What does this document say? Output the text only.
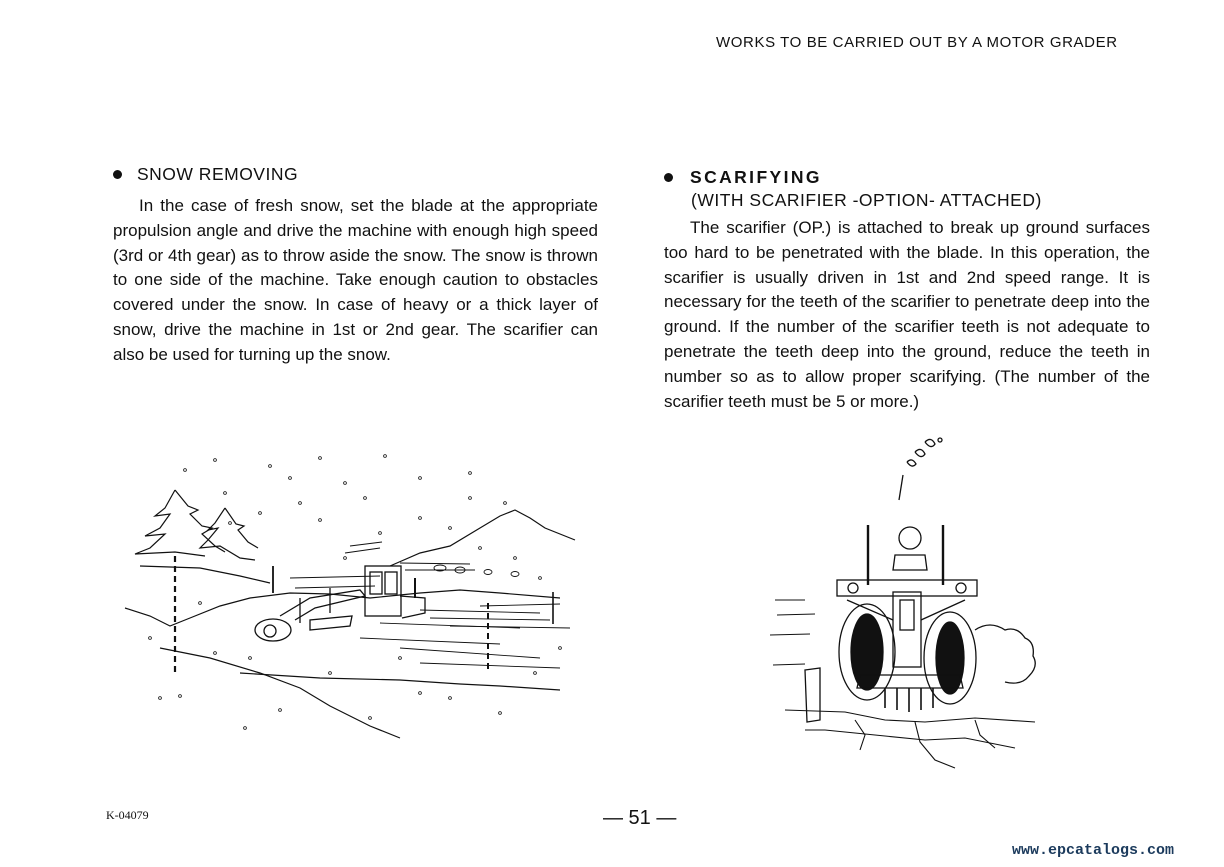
WORKS TO BE CARRIED OUT BY A MOTOR GRADER
SNOW REMOVING
In the case of fresh snow, set the blade at the appropriate propulsion angle and drive the machine with enough high speed (3rd or 4th gear) as to throw aside the snow. The snow is thrown to one side of the machine. Take enough caution to obstacles covered under the snow. In case of heavy or a thick layer of snow, drive the machine in 1st or 2nd gear. The scarifier can also be used for turning up the snow.
SCARIFYING
(WITH SCARIFIER -OPTION- ATTACHED)
The scarifier (OP.) is attached to break up ground surfaces too hard to be penetrated with the blade. In this operation, the scarifier is usually driven in 1st and 2nd speed range. It is necessary for the teeth of the scarifier to penetrate deep into the ground. If the number of the scarifier teeth is not adequate to penetrate the teeth deep into the ground, reduce the teeth in number so as to allow proper scarifying. (The number of the scarifier teeth must be 5 or more.)
K-04079	— 51 —
www.epcatalogs.com
